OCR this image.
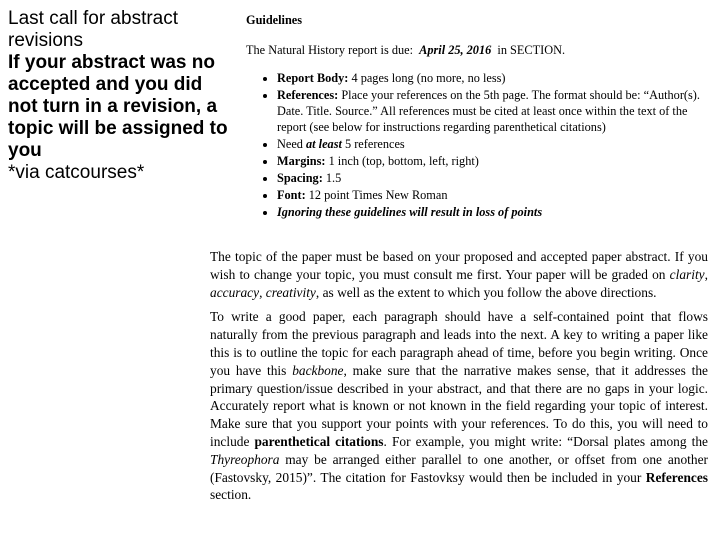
Last call for abstract revisions
If your abstract was no accepted and you did not turn in a revision, a topic will be assigned to you
*via catcourses*
Guidelines
The Natural History report is due: April 25, 2016 in SECTION.
• Report Body: 4 pages long (no more, no less)
• References: Place your references on the 5th page. The format should be: “Author(s). Date. Title. Source.” All references must be cited at least once within the text of the report (see below for instructions regarding parenthetical citations)
• Need at least 5 references
• Margins: 1 inch (top, bottom, left, right)
• Spacing: 1.5
• Font: 12 point Times New Roman
• Ignoring these guidelines will result in loss of points

The topic of the paper must be based on your proposed and accepted paper abstract. If you wish to change your topic, you must consult me first. Your paper will be graded on clarity, accuracy, creativity, as well as the extent to which you follow the above directions.

To write a good paper, each paragraph should have a self-contained point that flows naturally from the previous paragraph and leads into the next. A key to writing a paper like this is to outline the topic for each paragraph ahead of time, before you begin writing. Once you have this backbone, make sure that the narrative makes sense, that it addresses the primary question/issue described in your abstract, and that there are no gaps in your logic. Accurately report what is known or not known in the field regarding your topic of interest. Make sure that you support your points with your references. To do this, you will need to include parenthetical citations. For example, you might write: “Dorsal plates among the Thyreophora may be arranged either parallel to one another, or offset from one another (Fastovsky, 2015)”. The citation for Fastovksy would then be included in your References section.
